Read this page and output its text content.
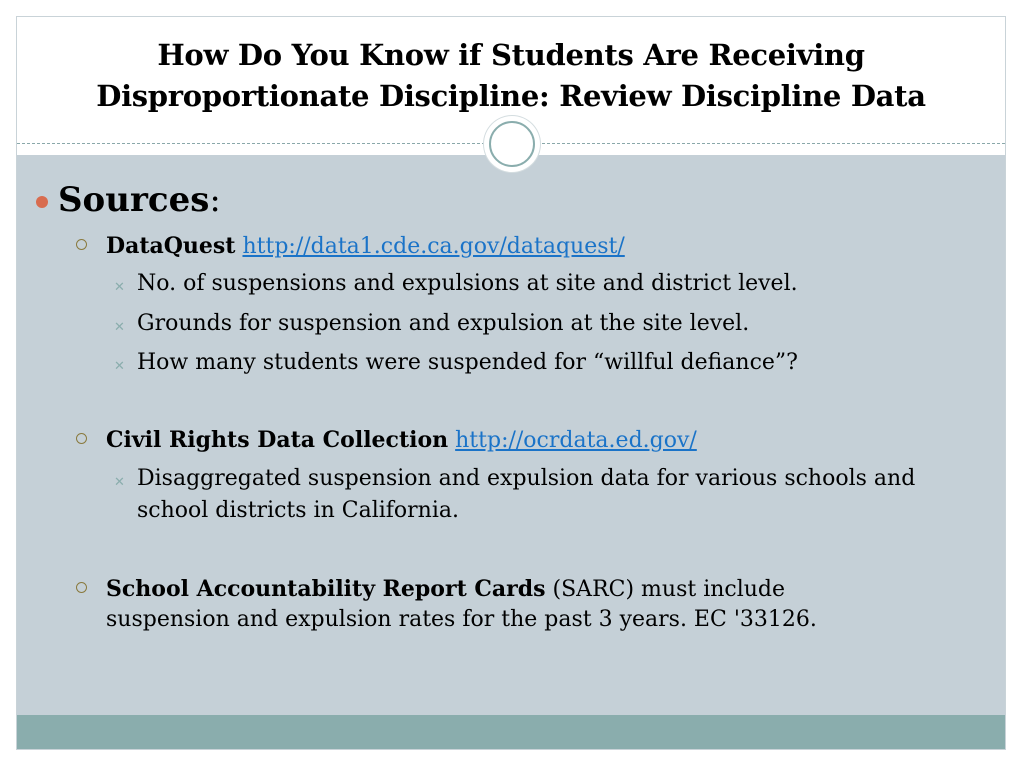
How Do You Know if Students Are Receiving
Disproportionate Discipline: Review Discipline Data
Sources:
DataQuest http://data1.cde.ca.gov/dataquest/
✕ No. of suspensions and expulsions at site and district level.
✕ Grounds for suspension and expulsion at the site level.
✕ How many students were suspended for “willful defiance”?
Civil Rights Data Collection http://ocrdata.ed.gov/
✕ Disaggregated suspension and expulsion data for various schools and school districts in California.
School Accountability Report Cards (SARC) must include suspension and expulsion rates for the past 3 years. EC '33126.
